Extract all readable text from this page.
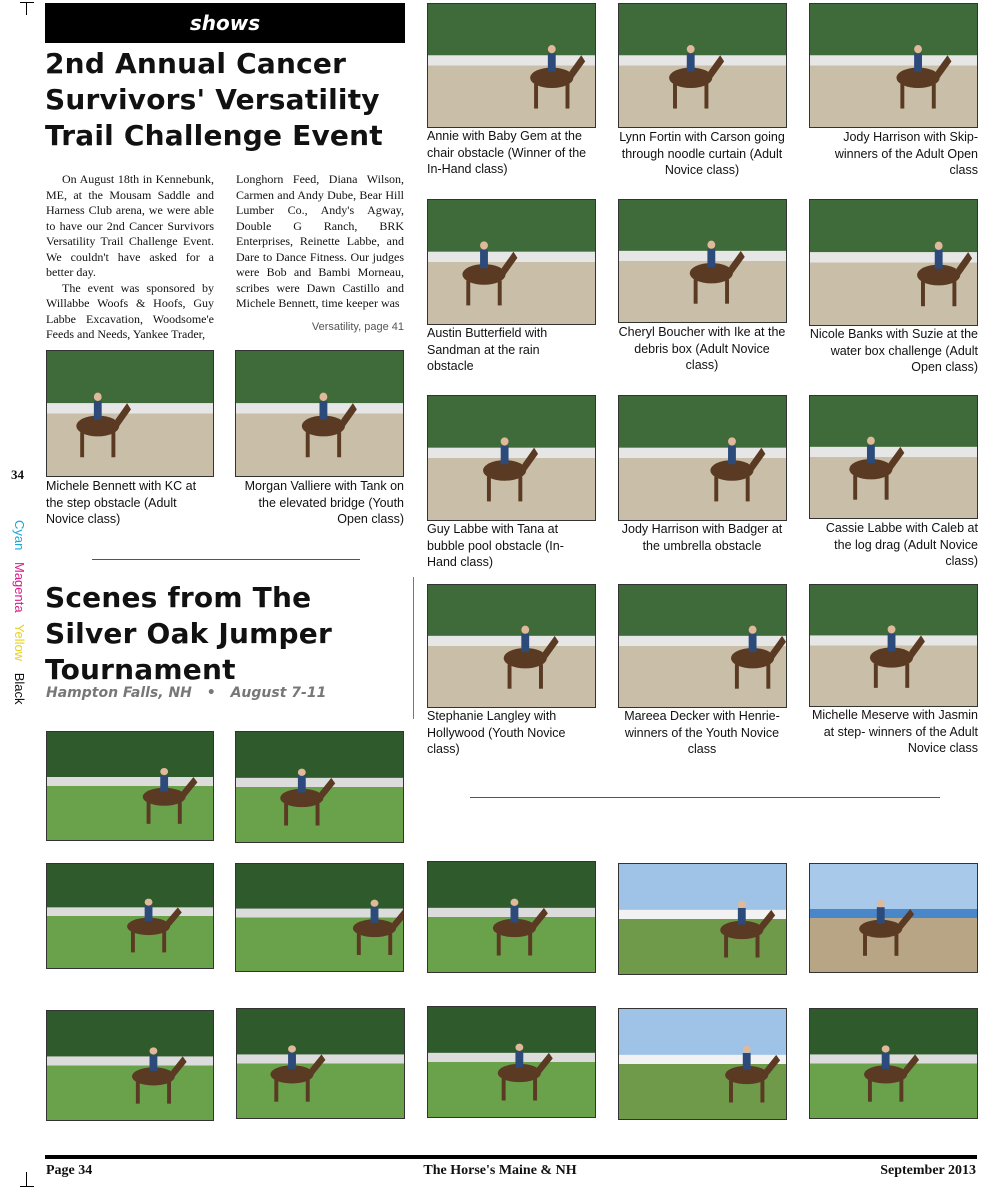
shows
2nd Annual Cancer
Survivors' Versatility
Trail Challenge Event

On August 18th in Kennebunk, ME, at the Mousam Saddle and Harness Club arena, we were able to have our 2nd Cancer Survivors Versatility Trail Challenge Event. We couldn't have asked for a better day.

The event was sponsored by Willabbe Woofs & Hoofs, Guy Labbe Excavation, Woodsome'e Feeds and Needs, Yankee Trader,

Longhorn Feed, Diana Wilson, Carmen and Andy Dube, Bear Hill Lumber Co., Andy's Agway, Double G Ranch, BRK Enterprises, Reinette Labbe, and Dare to Dance Fitness. Our judges were Bob and Bambi Morneau, scribes were Dawn Castillo and Michele Bennett, time keeper was

Versatility, page 41
Michele Bennett with KC at the step obstacle (Adult Novice class)
Morgan Valliere with Tank on the elevated bridge (Youth Open class)
Annie with Baby Gem at the chair obstacle (Winner of the In-Hand class)
Lynn Fortin with Carson going through noodle curtain (Adult Novice class)
Jody Harrison with Skip- winners of the Adult Open class
Austin Butterfield with Sandman at the rain obstacle
Cheryl Boucher with Ike at the debris box (Adult Novice class)
Nicole Banks with Suzie at the water box challenge (Adult Open class)
Guy Labbe with Tana at bubble pool obstacle (In-Hand class)
Jody Harrison with Badger at the umbrella obstacle
Cassie Labbe with Caleb at the log drag (Adult Novice class)
Stephanie Langley with Hollywood (Youth Novice class)
Mareea Decker with Henrie- winners of the Youth Novice class
Michelle Meserve with Jasmin at step- winners of the Adult Novice class
Scenes from The
Silver Oak Jumper
Tournament
Hampton Falls, NH • August 7-11
34
Cyan Magenta Yellow Black
Page 34	The Horse's Maine & NH	September 2013
